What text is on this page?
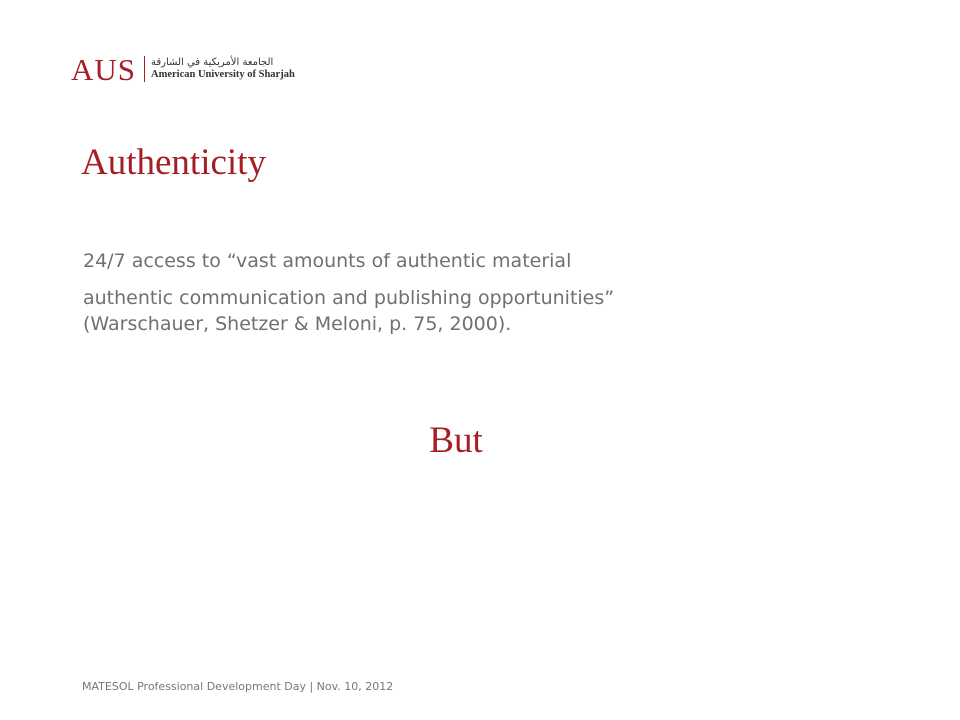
AUS الجامعة الأمريكية في الشارقة
American University of Sharjah
Authenticity

24/7 access to “vast amounts of authentic material

authentic communication and publishing opportunities”
(Warschauer, Shetzer & Meloni, p. 75, 2000).

But

MATESOL Professional Development Day | Nov. 10, 2012
